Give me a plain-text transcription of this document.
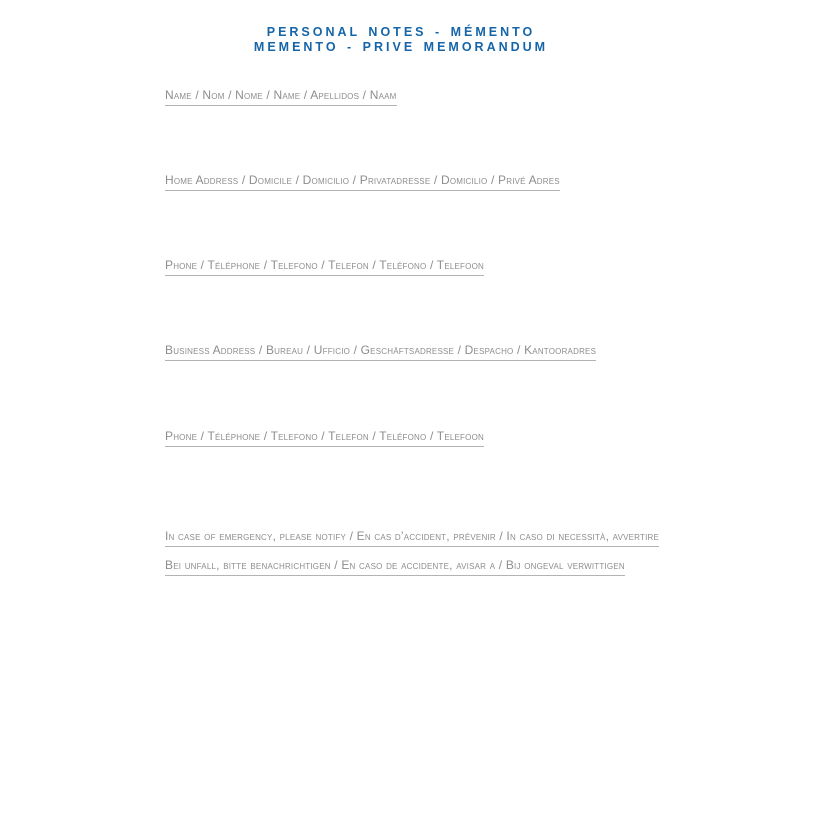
PERSONAL NOTES - MÉMENTO
MEMENTO - PRIVE MEMORANDUM
Name / Nom / Nome / Name / Apellidos / Naam
Home Address / Domicile / Domicilio / Privatadresse / Domicilio / Privé Adres
Phone / Téléphone / Telefono / Telefon / Teléfono / Telefoon
Business Address / Bureau / Ufficio / Geschäftsadresse / Despacho / Kantooradres
Phone / Téléphone / Telefono / Telefon / Teléfono / Telefoon
In case of emergency, please notify / En cas d’accident, prévenir / In caso di necessità, avvertire
Bei unfall, bitte benachrichtigen / En caso de accidente, avisar a / Bij ongeval verwittigen
